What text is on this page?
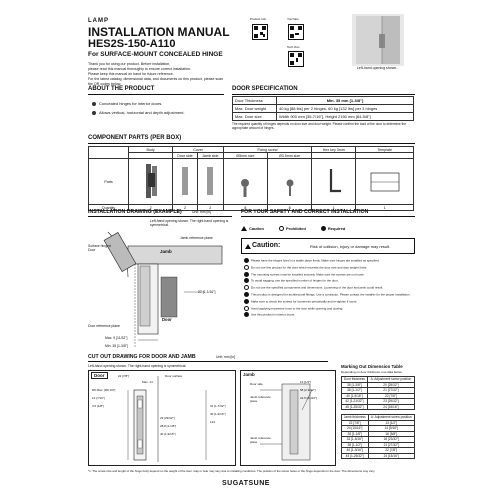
LAMP
INSTALLATION MANUAL
HES2S-150-A110
For SURFACE-MOUNT CONCEALED HINGE
Thank you for using our product. Before installation,
please read this manual thoroughly to ensure correct installation.
Please keep this manual on hand for future reference.
For the latest catalog, dimensional data, and documents on this product, please scan
the QR codes below.
Product Info	YouTube
Tech Doc
Left-hand opening shown.
ABOUT THE PRODUCT
Concealed hinges for interior doors.
Allows vertical, horizontal and depth adjustment.
DOOR SPECIFICATION
Door Thickness	Min. 35 mm [1-3/8"]
Max. Door weight	40 kg [88 lbs] per 2 hinges, 60 kg [132 lbs] per 3 hinges
Max. Door size	Width 900 mm [35-7/16"], Height 2150 mm [84-5/8"]
The required quantity of hinges depends on door size and door weight. Please confirm the load of the door to determine the appropriate amount of hinges.
COMPONENT PARTS (PER BOX)
	Body	Cover		Fixing screw		Hex key 3mm	Template
		Door side	Jamb side	Ø5mm size	Ø3.5mm size		
Parts							
Quantity	2	2	2	8	8	1	1
INSTALLATION DRAWING (EXAMPLE)	Unit: mm [in]
Left-hand opening shown. The right-hand opening is symmetrical.
Surface hinged Door	Jamb
Jamb reference plane
Door
Door reference plane
Max. 9 [11/32"]
Min. 35 [1-3/8"]
27 [1-1/16"]
FOR YOUR SAFETY AND CORRECT INSTALLATION
Caution	Prohibited	Required
Caution:	Risk of collision, injury or damage may result.

Please have the hinges fixed in a stable place firmly. Make sure hinges are installed as specified.

Do not use this product for the door which exceeds the door size and door weight limits.

The mounting screws must be installed securely. Make sure the screws are not loose.

To avoid sagging, use the specified number of hinges for the door.

Do not use the specified components and dimensions. Loosening of the door and jamb could result.

This product is designed for architectural fittings. Use a contractor. Please contact the installer for the proper installation.

Make sure to check the screws for looseness periodically and re-tighten if loose.

Avoid applying excessive force to the door while opening and closing.

Use this product in interior doors.

CUT OUT DRAWING FOR DOOR AND JAMB	Unit: mm [in]
Left-hand opening shown. The right-hand opening is symmetrical.
Door	22 [7/8"]
Max. 14
Door surface
R5 Max. [R0.197]
12 [7/16"]
3.5 [1/8"]
23 [29/32"]
28.8 [1-1/8"]
40 [1-9/16"]
31 [1-7/32"]
40 [1-9/16"]
123
Jamb
Door side
Jamb reference plane
Jamb reference plane
13 [1/2"]
58 [2-9/32"]
24.5 [31/32"]
Marking Out Dimension Table
Depending on door thickness, use data below.
Door thickness	A: Adjustment screw position
35 [1-3/8"]	20 [25/32"]
38 [1-1/2"]	21 [27/32"]
40 [1-9/16"]	22 [7/8"]
42 [1-21/32"]	23 [29/32"]
45 [1-25/32"]	24 [15/16"]
Jamb thickness	A: Adjustment screw position
22 [7/8"]	13 [1/2"]
24 [15/16"]	14 [9/16"]
28 [1-1/8"]	16 [5/8"]
33 [1-5/16"]	18 [23/32"]
38 [1-1/2"]	21 [27/32"]
40 [1-9/16"]	22 [7/8"]
45 [1-25/32"]	24 [15/16"]
*1: The screw size and length of the hinge body depend on the weight of the door. Gap in hole may vary due to installing conditions. The position of the screw holes or the hinge depends on the door. The dimensions may vary.
SUGATSUNE
